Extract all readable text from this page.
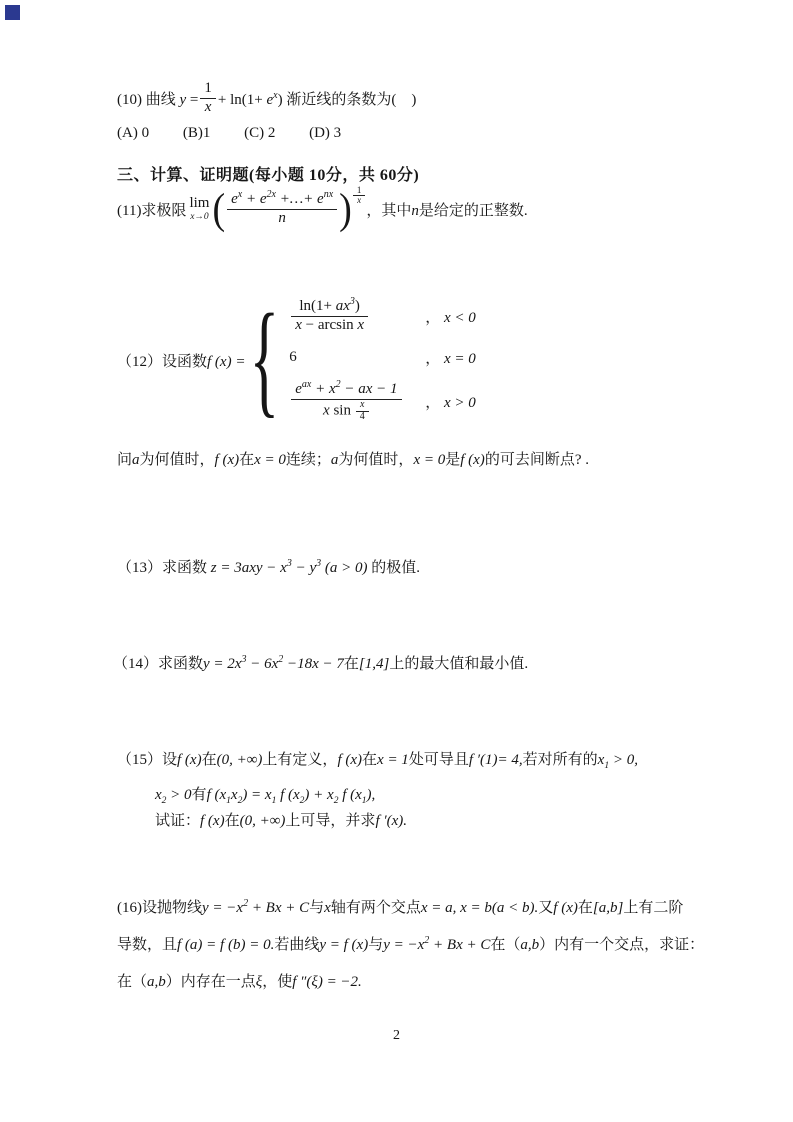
(10) 曲线 $y = \frac{1}{x} + \ln(1+ e^x)$ 渐近线的条数为(　)
(A) 0 (B)1 (C) 2 (D) 3
三、计算、证明题(每小题 10分，共 60分)
(11)求极限 lim
x→0 ( $\frac{e^x + e^{2x} +\dots+ e^{nx}}{n}$ ) $\frac{1}{x}$
，其中n是给定的正整数.
（12）设函数f (x) = { $\frac{\ln(1+ ax^3)}{\text{x − arcsin x}}$	， x < 0
6	， x = 0
$\frac{e^{ax} + x^2 - ax - 1}{x \sin \frac{x}{4}}$ ， x > 0
问a为何值时，f (x)在x = 0连续；a为何值时，x = 0是f (x)的可去间断点? .
（13）求函数 $z = 3axy - x^3 - y^3$ (a > 0) 的极值.
（14）求函数$y = 2x^3 - 6x^2 -18x - 7$在[1,4]上的最大值和最小值.
（15）设f (x)在(0, +∞)上有定义，f (x)在x = 1处可导且f ′(1)= 4,若对所有的$x_1 > 0$,
$x_2 > 0$有f $(x_1x_2) = x_1$ f $(x_2) + x_2$ f $(x_1)$,
试证：f (x)在(0, +∞)上可导，并求f ′(x).
(16)设抛物线$y = -x^2 + Bx + C$与x轴有两个交点x = a, x = b(a < b).又f (x)在[a,b]上有二阶
导数，且f (a) = f (b) = 0.若曲线y = f (x)与$y = -x^2 + Bx + C$在（a,b）内有一个交点，求证：
在（a,b）内存在一点ξ，使f ″(ξ) = −2.
2
